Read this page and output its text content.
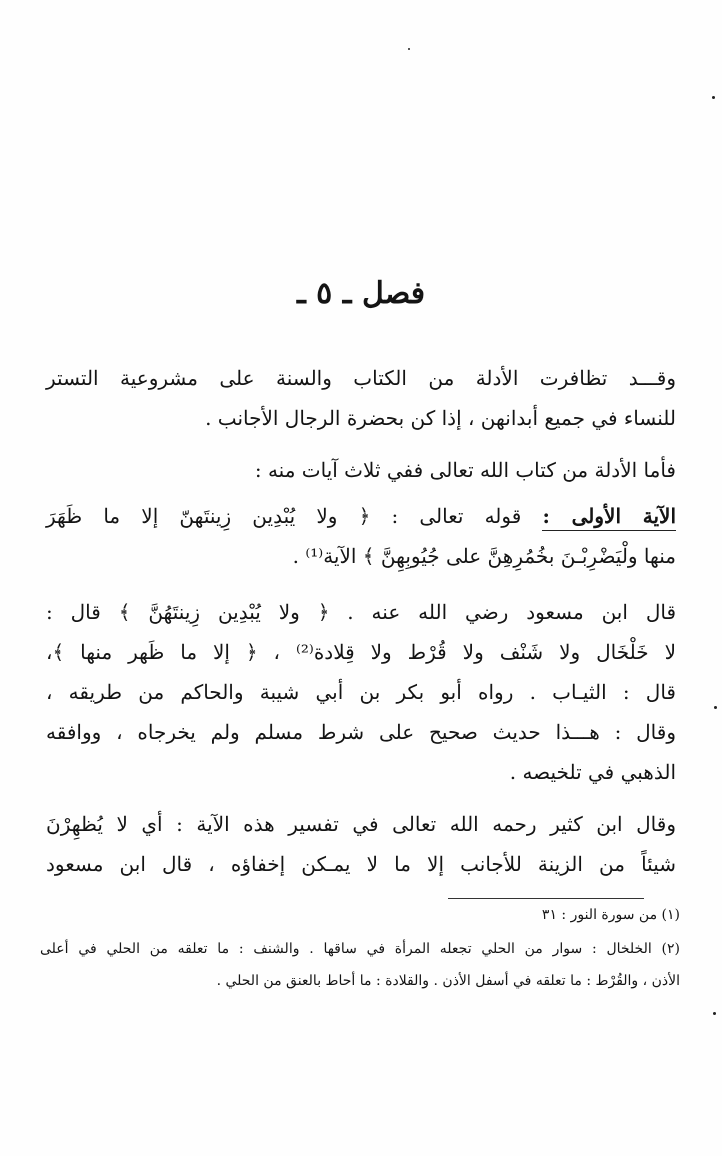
فصل ـ ٥ ـ
وقـــد تظافرت الأدلة من الكتاب والسنة على مشروعية التستر
للنساء في جميع أبدانهن ، إذا كن بحضرة الرجال الأجانب .
فأما الأدلة من كتاب الله تعالى ففي ثلاث آيات منه :
الآية الأولى : قوله تعالى : ﴿ ولا يُبْدِين زِينتَهنّ إلا ما ظَهَرَ
منها ولْيَضْرِبْـنَ بخُمُرِهِنَّ على جُيُوبِهِنَّ ﴾ الآية⁽¹⁾ .
قال ابن مسعود رضي الله عنه . ﴿ ولا يُبْدِين زِينتَهُنَّ ﴾ قال :
لا خَلْخَال ولا شَنْف ولا قُرْط ولا قِلادة⁽²⁾ ، ﴿ إلا ما ظَهر منها ﴾،
قال : الثيـاب . رواه أبو بكر بن أبي شيبة والحاكم من طريقه ،
وقال : هـــذا حديث صحيح على شرط مسلم ولم يخرجاه ، ووافقه
الذهبي في تلخيصه .
وقال ابن كثير رحمه الله تعالى في تفسير هذه الآية : أي لا يُظهِرْنَ
شيئاً من الزينة للأجانب إلا ما لا يمـكن إخفاؤه ، قال ابن مسعود
(١) من سورة النور : ٣١
(٢) الخلخال : سوار من الحلي تجعله المرأة في ساقها . والشنف : ما تعلقه من الحلي في أعلى
الأذن ، والقُرْط : ما تعلقه في أسفل الأذن . والقلادة : ما أحاط بالعنق من الحلي .
